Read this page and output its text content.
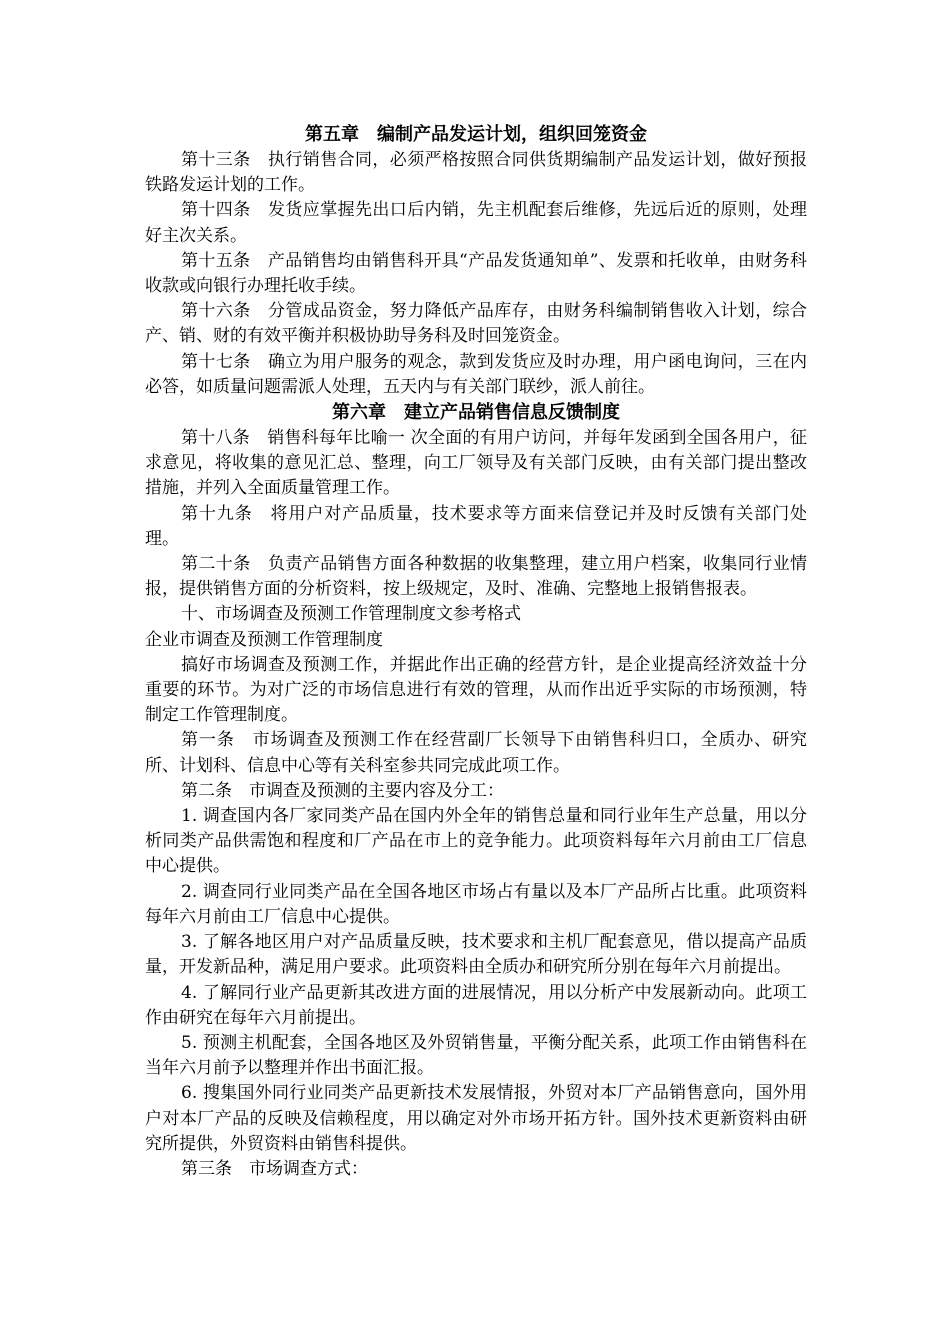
第五章　编制产品发运计划，组织回笼资金

第十三条　执行销售合同，必须严格按照合同供货期编制产品发运计划，做好预报铁路发运计划的工作。

第十四条　发货应掌握先出口后内销，先主机配套后维修，先远后近的原则，处理好主次关系。

第十五条　产品销售均由销售科开具“产品发货通知单”、发票和托收单，由财务科收款或向银行办理托收手续。

第十六条　分管成品资金，努力降低产品库存，由财务科编制销售收入计划，综合产、销、财的有效平衡并积极协助导务科及时回笼资金。

第十七条　确立为用户服务的观念，款到发货应及时办理，用户函电询问，三在内必答，如质量问题需派人处理，五天内与有关部门联纱，派人前往。

第六章　建立产品销售信息反馈制度

第十八条　销售科每年比喻一 次全面的有用户访问，并每年发函到全国各用户，征求意见，将收集的意见汇总、整理，向工厂领导及有关部门反映，由有关部门提出整改措施，并列入全面质量管理工作。

第十九条　将用户对产品质量，技术要求等方面来信登记并及时反馈有关部门处理。

第二十条　负责产品销售方面各种数据的收集整理，建立用户档案，收集同行业情报，提供销售方面的分析资料，按上级规定，及时、准确、完整地上报销售报表。

十、市场调查及预测工作管理制度文参考格式

企业市调查及预测工作管理制度

搞好市场调查及预测工作，并据此作出正确的经营方针，是企业提高经济效益十分重要的环节。为对广泛的市场信息进行有效的管理，从而作出近乎实际的市场预测，特制定工作管理制度。

第一条　市场调查及预测工作在经营副厂长领导下由销售科归口，全质办、研究所、计划科、信息中心等有关科室参共同完成此项工作。

第二条　市调查及预测的主要内容及分工：

1. 调查国内各厂家同类产品在国内外全年的销售总量和同行业年生产总量，用以分析同类产品供需饱和程度和厂产品在市上的竞争能力。此项资料每年六月前由工厂信息中心提供。

2. 调查同行业同类产品在全国各地区市场占有量以及本厂产品所占比重。此项资料每年六月前由工厂信息中心提供。

3. 了解各地区用户对产品质量反映，技术要求和主机厂配套意见，借以提高产品质量，开发新品种，满足用户要求。此项资料由全质办和研究所分别在每年六月前提出。

4. 了解同行业产品更新其改进方面的进展情况，用以分析产中发展新动向。此项工作由研究在每年六月前提出。

5. 预测主机配套，全国各地区及外贸销售量，平衡分配关系，此项工作由销售科在当年六月前予以整理并作出书面汇报。

6. 搜集国外同行业同类产品更新技术发展情报，外贸对本厂产品销售意向，国外用户对本厂产品的反映及信赖程度，用以确定对外市场开拓方针。国外技术更新资料由研究所提供，外贸资料由销售科提供。

第三条　市场调查方式：
